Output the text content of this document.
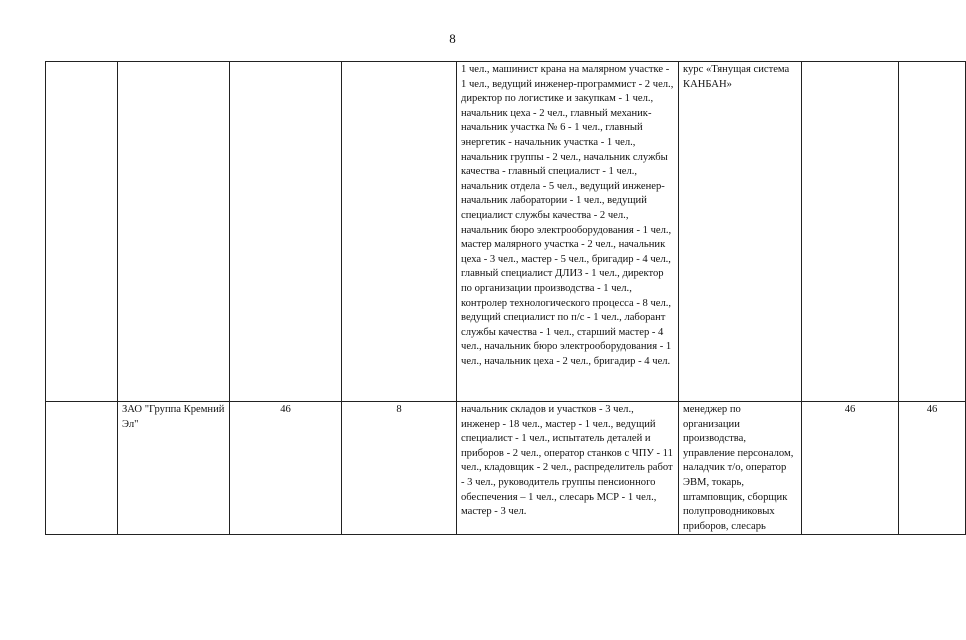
8
				1 чел., машинист крана на малярном участке - 1 чел., ведущий инженер-программист - 2 чел., директор по логистике и закупкам - 1 чел., начальник цеха - 2 чел., главный механик- начальник участка № 6 - 1 чел., главный энергетик - начальник участка - 1 чел., начальник группы - 2 чел., начальник службы качества - главный специалист - 1 чел., начальник отдела - 5 чел., ведущий инженер-начальник лаборатории - 1 чел., ведущий специалист службы качества - 2 чел., начальник бюро электрооборудования - 1 чел., мастер малярного участка - 2 чел., начальник цеха - 3 чел., мастер - 5 чел., бригадир - 4 чел., главный специалист ДЛИЗ - 1 чел., директор по организации производства - 1 чел., контролер технологического процесса - 8 чел., ведущий специалист по п/с - 1 чел., лаборант службы качества - 1 чел., старший мастер - 4 чел., начальник бюро электрооборудования - 1 чел., начальник цеха - 2 чел., бригадир - 4 чел.	курс «Тянущая система КАНБАН»		
	ЗАО "Группа Кремний Эл"	46	8	начальник складов и участков - 3 чел., инженер - 18 чел., мастер - 1 чел., ведущий специалист - 1 чел., испытатель деталей и приборов - 2 чел., оператор станков с ЧПУ - 11 чел., кладовщик - 2 чел., распределитель работ - 3 чел., руководитель группы пенсионного обеспечения – 1 чел., слесарь МСР - 1 чел., мастер - 3 чел.	менеджер по организации производства, управление персоналом, наладчик т/о, оператор ЭВМ, токарь, штамповщик, сборщик полупроводниковых приборов, слесарь	46	46
